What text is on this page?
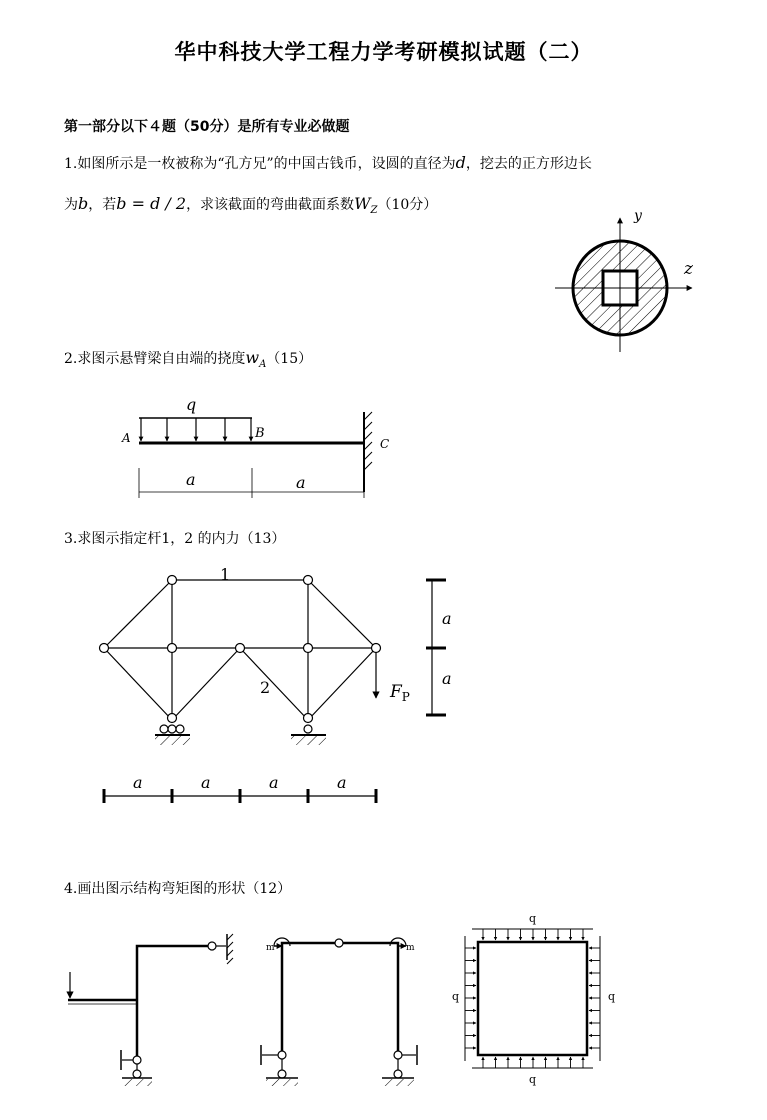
华中科技大学工程力学考研模拟试题（二）
第一部分以下４题（50分）是所有专业必做题
1.如图所示是一枚被称为“孔方兄”的中国古钱币，设圆的直径为d，挖去的正方形边长
为b，若b = d / 2，求该截面的弯曲截面系数$W_Z(10$分）
2.求图示悬臂梁自由端的挠度$w_A(15)$
3.求图示指定杆1，2 的内力（13）
4.画出图示结构弯矩图的形状（12）
y
z
q
A	B
C
a	a
1
2	$F_P$
a
a
a	a	a	a
m	m
q
q
q	q
